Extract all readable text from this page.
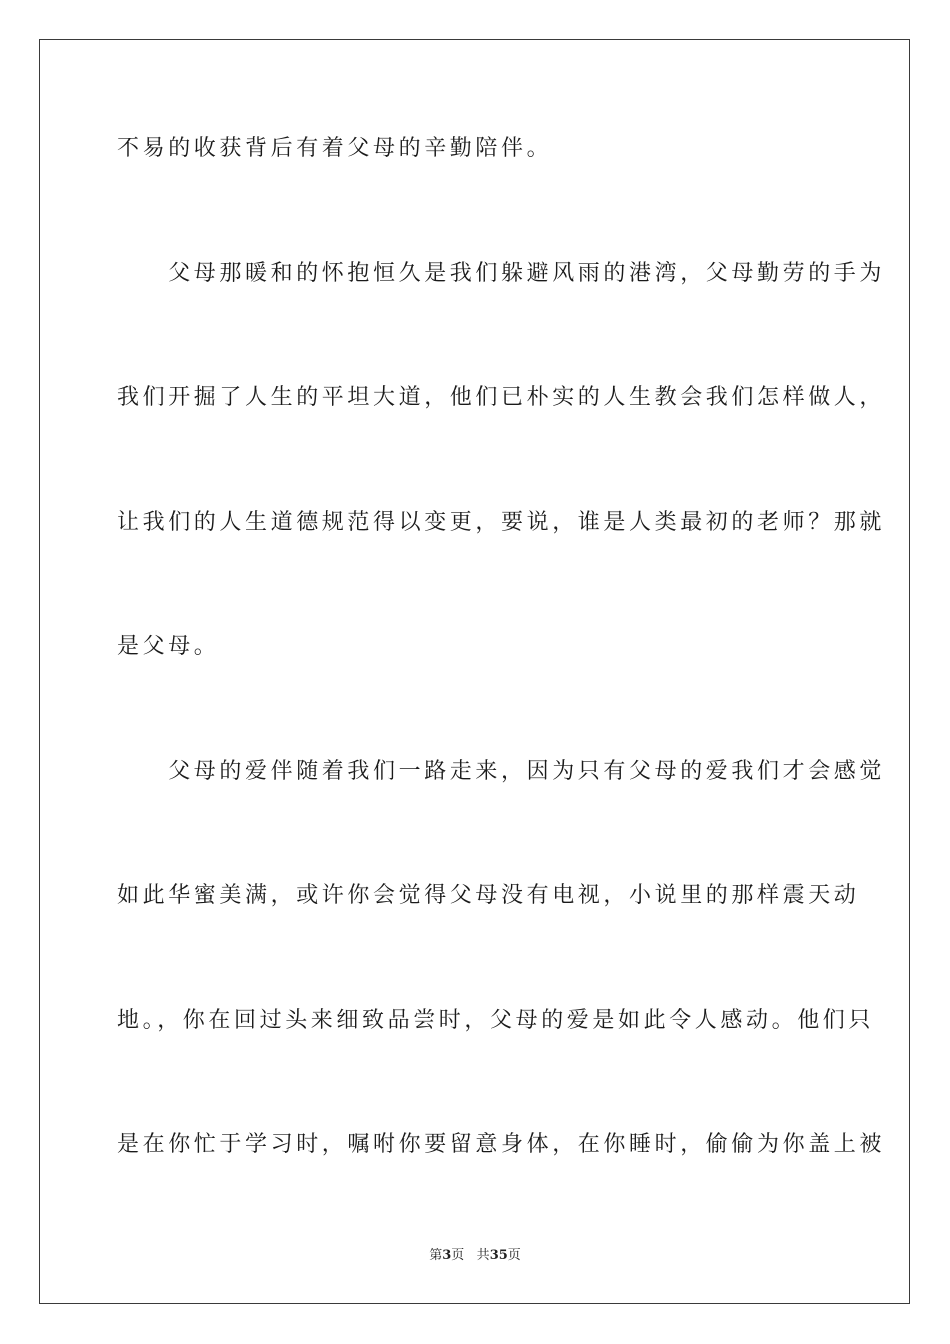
不易的收获背后有着父母的辛勤陪伴。
　　父母那暖和的怀抱恒久是我们躲避风雨的港湾，父母勤劳的手为
我们开掘了人生的平坦大道，他们已朴实的人生教会我们怎样做人，
让我们的人生道德规范得以变更，要说，谁是人类最初的老师？那就
是父母。
　　父母的爱伴随着我们一路走来，因为只有父母的爱我们才会感觉
如此华蜜美满，或许你会觉得父母没有电视，小说里的那样震天动
地。，你在回过头来细致品尝时，父母的爱是如此令人感动。他们只
是在你忙于学习时，嘱咐你要留意身体，在你睡时，偷偷为你盖上被
第3页 共35页
